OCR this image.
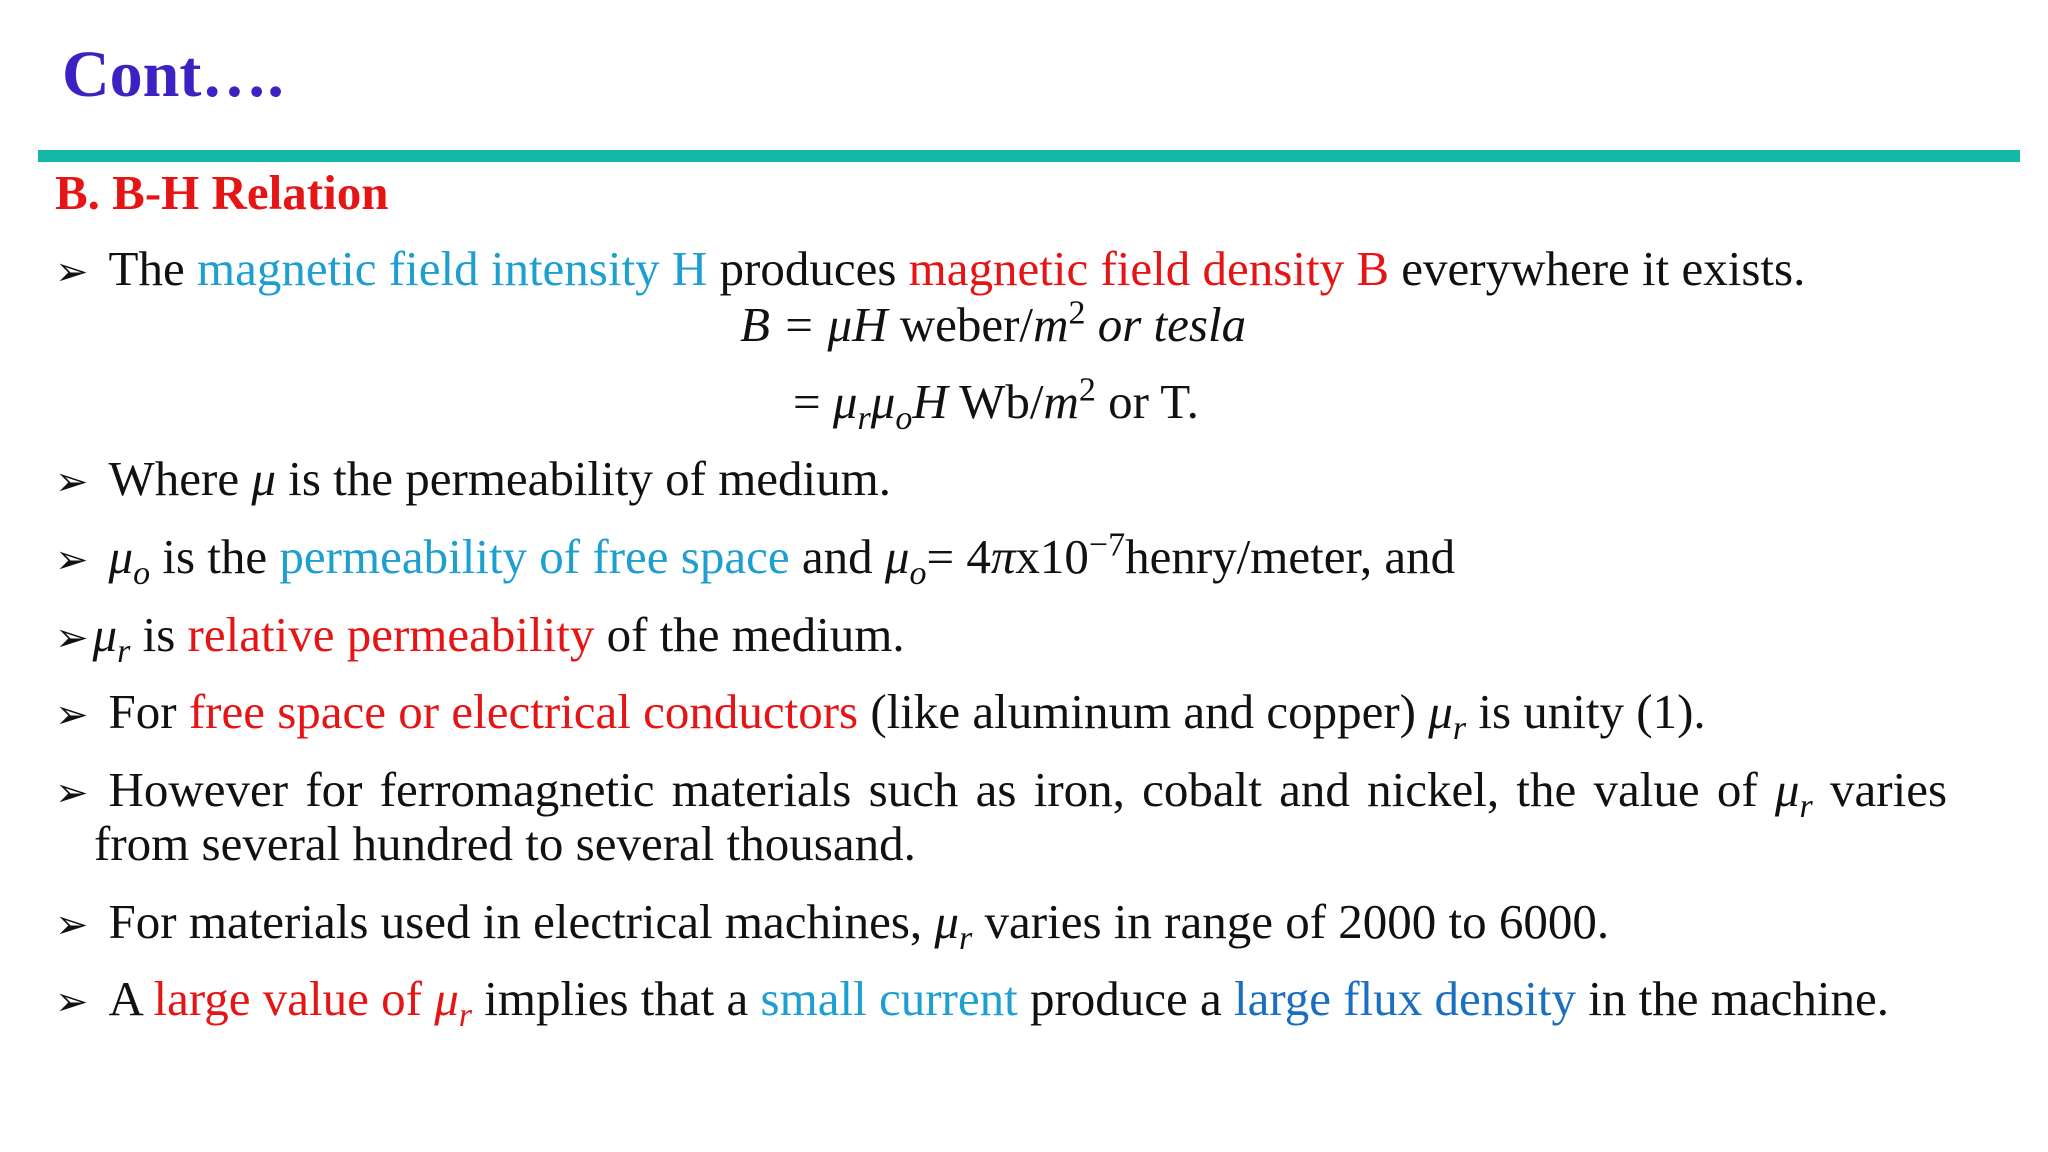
Cont….
B. B-H Relation
➢ The magnetic field intensity H produces magnetic field density B everywhere it exists.
B = μH weber/$m^2$ or tesla
= $\mu_r\mu_oH$ $Wb/m^2$ or T.
➢ Where μ is the permeability of medium.
➢ $\mu_o$ is the permeability of free space and $\mu_o=$ $4\pi x10^{-7}henry$/meter, and
$➢\mu_r$ is relative permeability of the medium.
➢ For free space or electrical conductors (like aluminum and copper) $\mu_r$ is unity (1).
➢ However for ferromagnetic materials such as iron, cobalt and nickel, the value of $\mu_r$ varies
from several hundred to several thousand.
➢ For materials used in electrical machines, $\mu_r$ varies in range of 2000 to 6000.
➢ A large value of $\mu_r$ implies that a small current produce a large flux density in the machine.
